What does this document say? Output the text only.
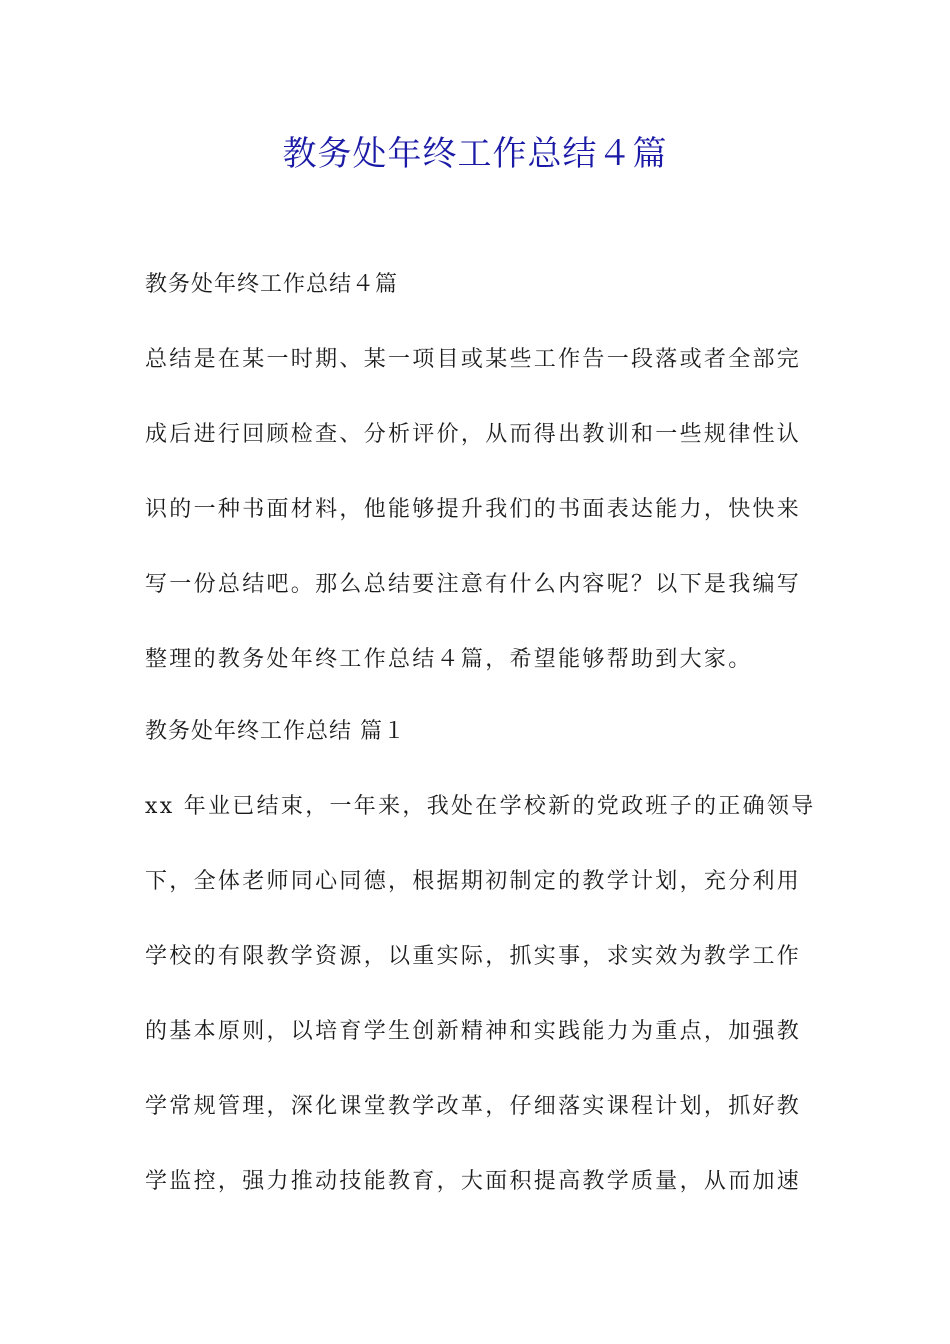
教务处年终工作总结４篇
教务处年终工作总结４篇
总结是在某一时期、某一项目或某些工作告一段落或者全部完
成后进行回顾检查、分析评价，从而得出教训和一些规律性认
识的一种书面材料，他能够提升我们的书面表达能力，快快来
写一份总结吧。那么总结要注意有什么内容呢？以下是我编写
整理的教务处年终工作总结４篇，希望能够帮助到大家。
教务处年终工作总结 篇１
xx 年业已结束，一年来，我处在学校新的党政班子的正确领导
下，全体老师同心同德，根据期初制定的教学计划，充分利用
学校的有限教学资源，以重实际，抓实事，求实效为教学工作
的基本原则，以培育学生创新精神和实践能力为重点，加强教
学常规管理，深化课堂教学改革，仔细落实课程计划，抓好教
学监控，强力推动技能教育，大面积提高教学质量，从而加速
